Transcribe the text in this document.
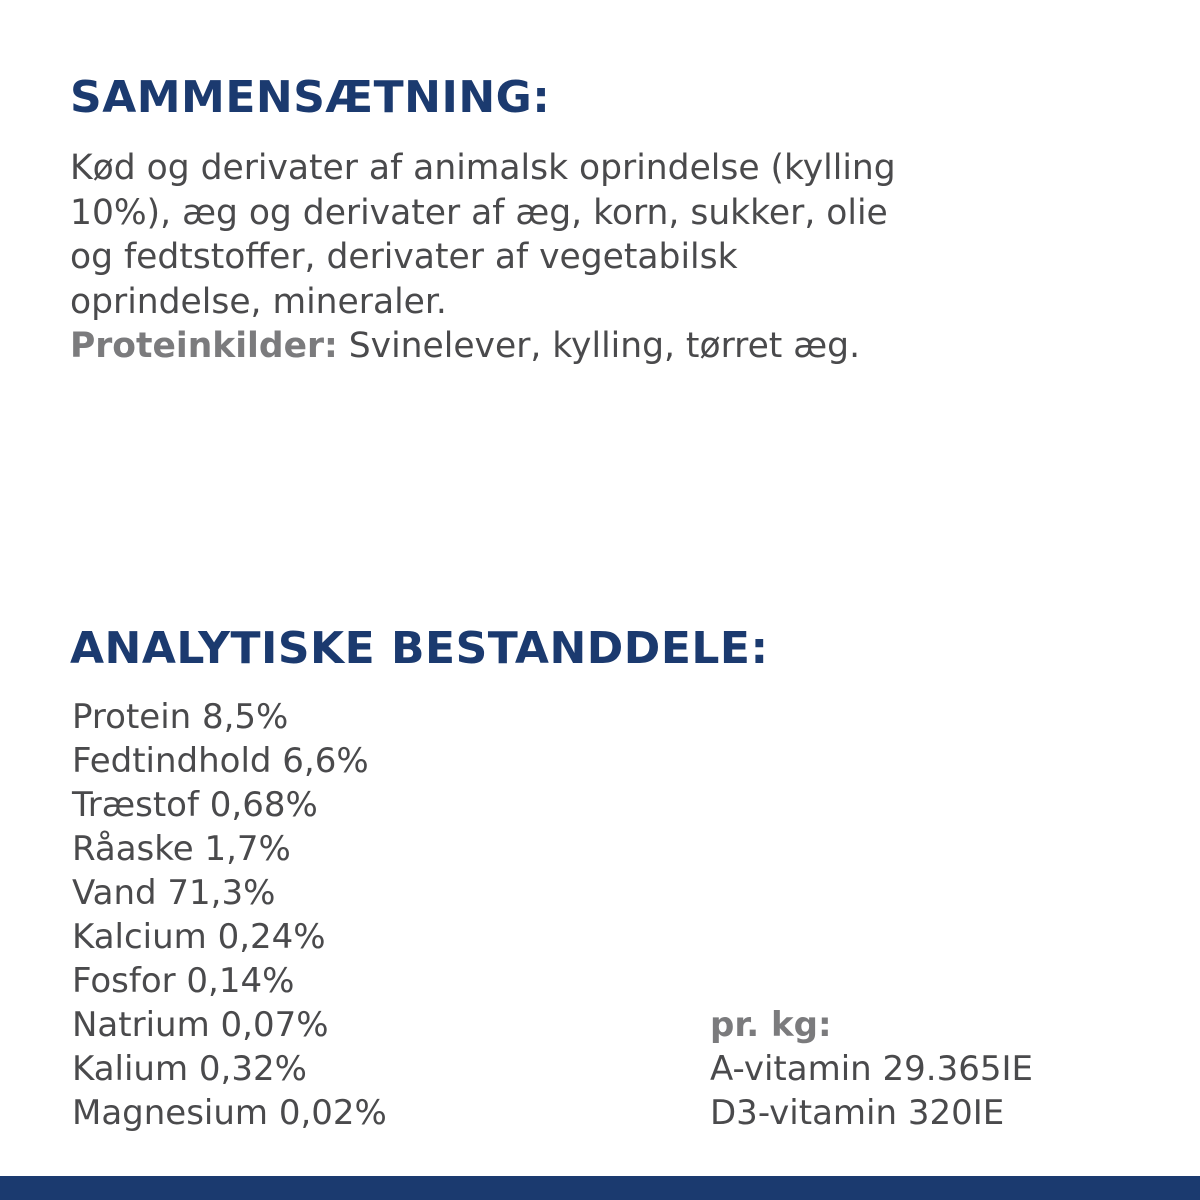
SAMMENSÆTNING:
Kød og derivater af animalsk oprindelse (kylling
10%), æg og derivater af æg, korn, sukker, olie
og fedtstoffer, derivater af vegetabilsk
oprindelse, mineraler.
Proteinkilder: Svinelever, kylling, tørret æg.
ANALYTISKE BESTANDDELE:
Protein 8,5%
Fedtindhold 6,6%
Træstof 0,68%
Råaske 1,7%
Vand 71,3%
Kalcium 0,24%
Fosfor 0,14%
Natrium 0,07%
Kalium 0,32%
Magnesium 0,02%
pr. kg:
A-vitamin 29.365IE
D3-vitamin 320IE
